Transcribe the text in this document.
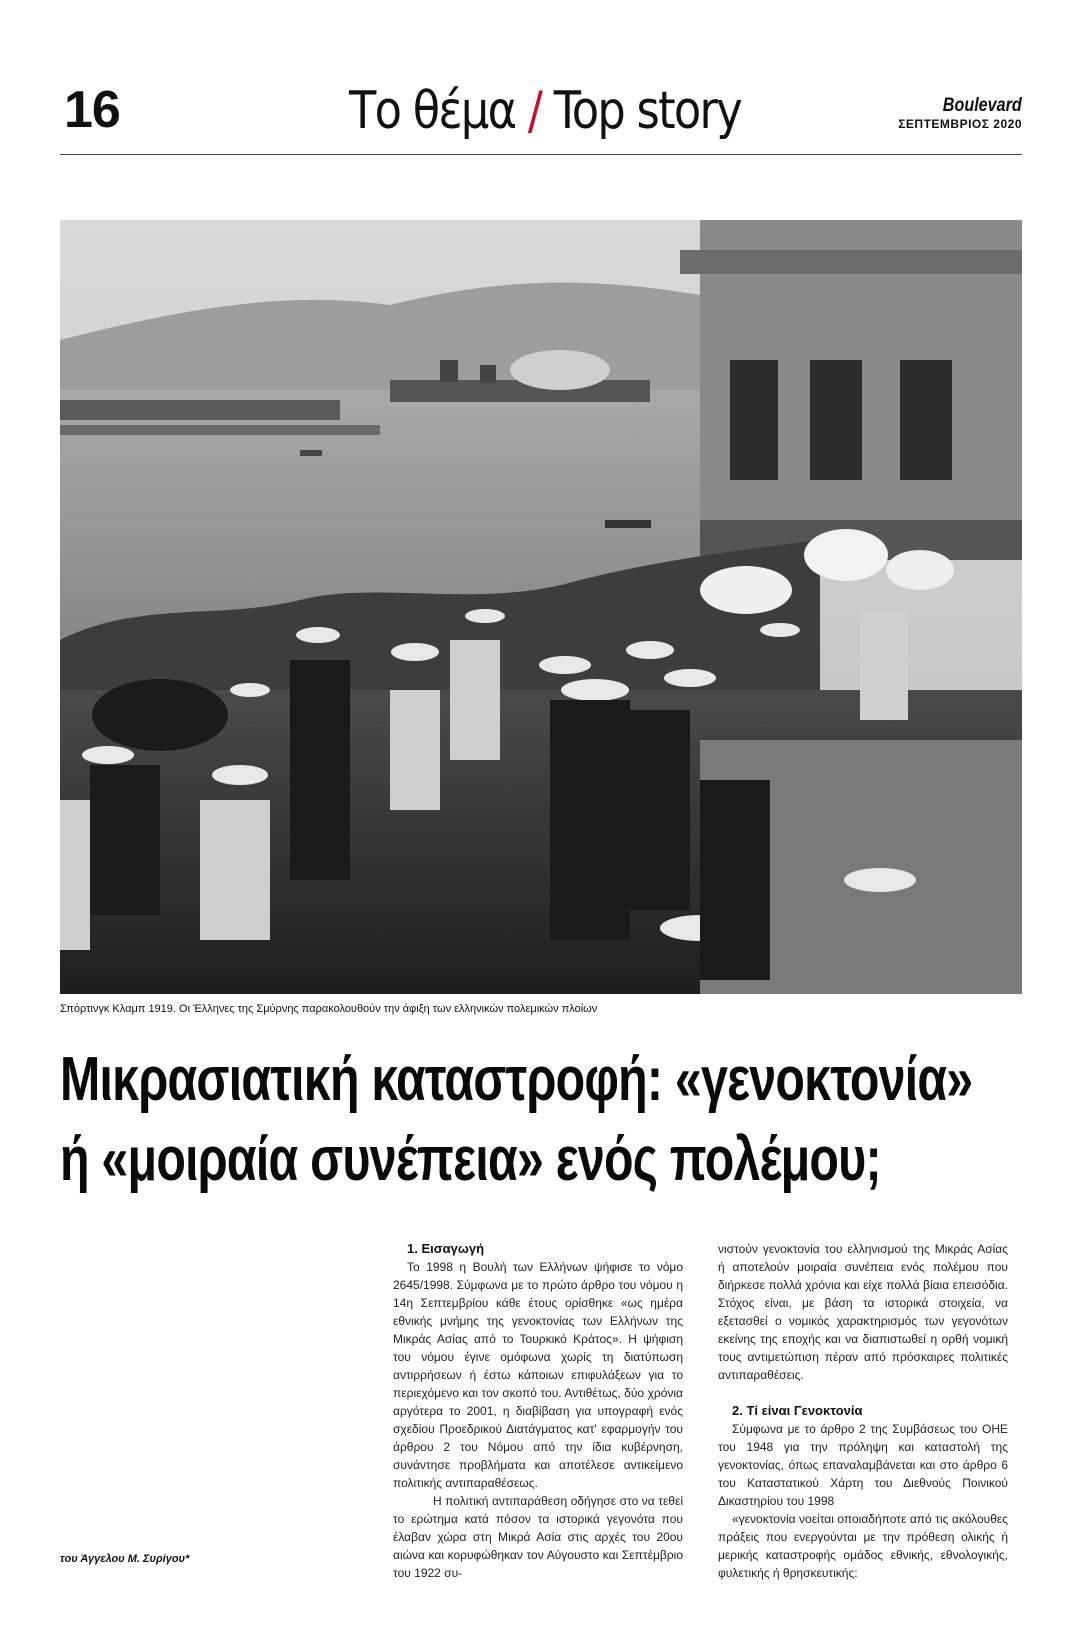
16	Το θέμα / Top story	Boulevard
ΣΕΠΤΕΜΒΡΙΟΣ 2020
Σπόρτινγκ Κλαμπ 1919. Οι Έλληνες της Σμύρνης παρακολουθούν την άφιξη των ελληνικών πολεμικών πλοίων
Μικρασιατική καταστροφή: «γενοκτονία»
ή «μοιραία συνέπεια» ενός πολέμου;
του Άγγελου Μ. Συρίγου*
1. Εισαγωγή

Το 1998 η Βουλή των Ελλήνων ψήφισε το νόμο 2645/1998. Σύμφωνα με το πρώτο άρθρο του νόμου η 14η Σεπτεμβρίου κάθε έτους ορίσθηκε «ως ημέρα εθνικής μνήμης της γενοκτονίας των Ελλήνων της Μικράς Ασίας από το Τουρκικό Κράτος». Η ψήφιση του νόμου έγινε ομόφωνα χωρίς τη διατύπωση αντιρρήσεων ή έστω κάποιων επιφυλάξεων για το περιεχόμενο και τον σκοπό του. Αντιθέτως, δύο χρόνια αργότερα το 2001, η διαβίβαση για υπογραφή ενός σχεδίου Προεδρικού Διατάγματος κατ' εφαρμογήν του άρθρου 2 του Νόμου από την ίδια κυβέρνηση, συνάντησε προβλήματα και αποτέλεσε αντικείμενο πολιτικής αντιπαραθέσεως.

Η πολιτική αντιπαράθεση οδήγησε στο να τεθεί το ερώτημα κατά πόσον τα ιστορικά γεγονότα που έλαβαν χώρα στη Μικρά Ασία στις αρχές του 20ου αιώνα και κορυφώθηκαν τον Αύγουστο και Σεπτέμβριο του 1922 συ-

νιστούν γενοκτονία του ελληνισμού της Μικράς Ασίας ή αποτελούν μοιραία συνέπεια ενός πολέμου που διήρκεσε πολλά χρόνια και είχε πολλά βίαια επεισόδια. Στόχος είναι, με βάση τα ιστορικά στοιχεία, να εξετασθεί ο νομικός χαρακτηρισμός των γεγονότων εκείνης της εποχής και να διαπιστωθεί η ορθή νομική τους αντιμετώπιση πέραν από πρόσκαιρες πολιτικές αντιπαραθέσεις.

2. Τί είναι Γενοκτονία

Σύμφωνα με το άρθρο 2 της Συμβάσεως του ΟΗΕ του 1948 για την πρόληψη και καταστολή της γενοκτονίας, όπως επαναλαμβάνεται και στο άρθρο 6 του Καταστατικού Χάρτη του Διεθνούς Ποινικού Δικαστηρίου του 1998

«γενοκτονία νοείται οποιαδήποτε από τις ακόλουθες πράξεις που ενεργούνται με την πρόθεση ολικής ή μερικής καταστροφής ομάδος εθνικής, εθνολογικής, φυλετικής ή θρησκευτικής:
